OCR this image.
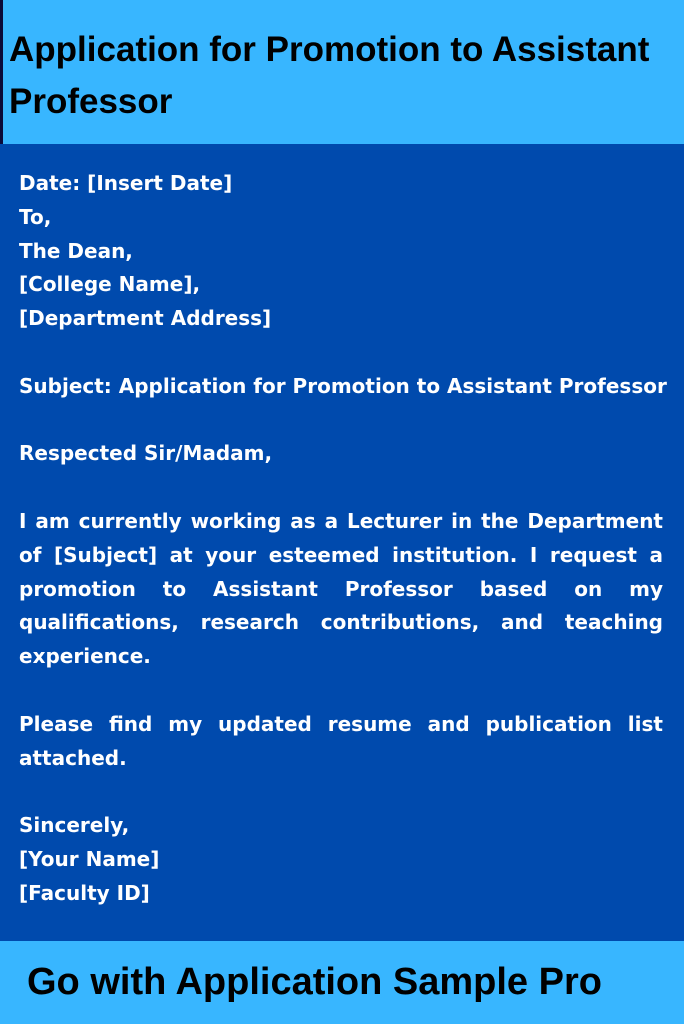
Application for Promotion to Assistant Professor
Date: [Insert Date]
To,
The Dean,
[College Name],
[Department Address]
Subject: Application for Promotion to Assistant Professor
Respected Sir/Madam,

I am currently working as a Lecturer in the Department of [Subject] at your esteemed institution. I request a promotion to Assistant Professor based on my qualifications, research contributions, and teaching experience.

Please find my updated resume and publication list attached.

Sincerely,
[Your Name]
[Faculty ID]
Go with Application Sample Pro
